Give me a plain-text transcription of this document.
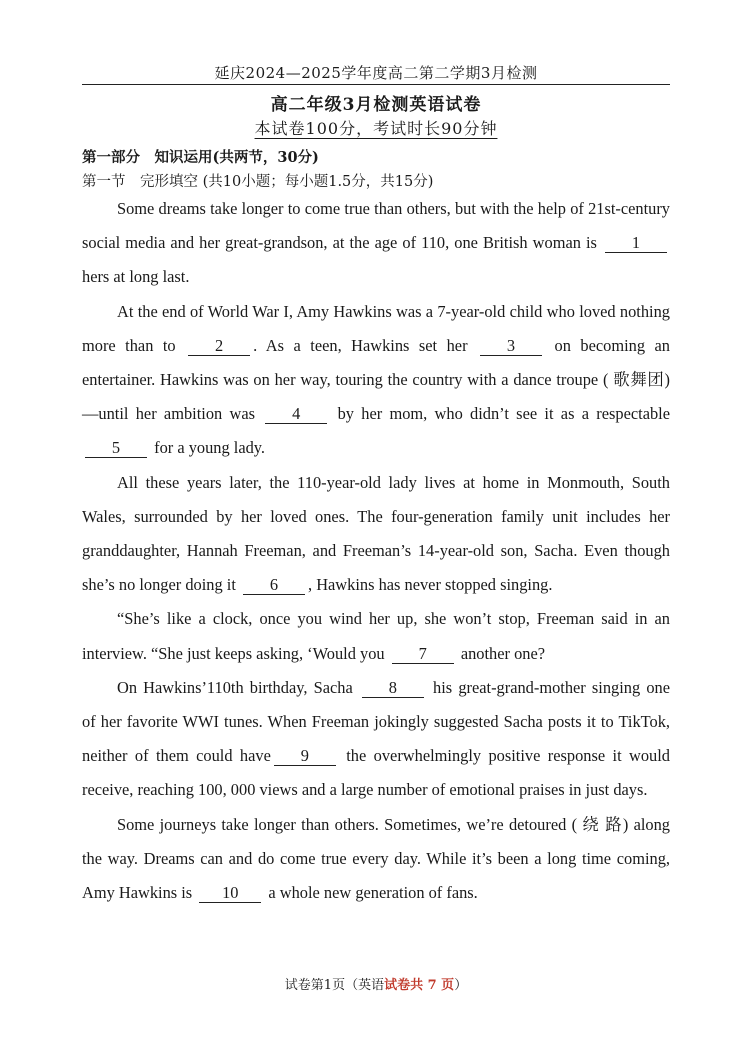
延庆2024—2025学年度高二第二学期3月检测
高二年级3月检测英语试卷
本试卷100分，考试时长90分钟
第一部分　知识运用(共两节，30分)
第一节　完形填空 (共10小题；每小题1.5分，共15分)

Some dreams take longer to come true than others, but with the help of 21st-century social media and her great-grandson, at the age of 110, one British woman is 1 hers at long last.

At the end of World War I, Amy Hawkins was a 7-year-old child who loved nothing more than to 2 . As a teen, Hawkins set her 3 on becoming an entertainer. Hawkins was on her way, touring the country with a dance troupe ( 歌舞团) —until her ambition was 4 by her mom, who didn’t see it as a respectable 5 for a young lady.

All these years later, the 110-year-old lady lives at home in Monmouth, South Wales, surrounded by her loved ones. The four-generation family unit includes her granddaughter, Hannah Freeman, and Freeman’s 14-year-old son, Sacha. Even though she’s no longer doing it 6 , Hawkins has never stopped singing.

“She’s like a clock, once you wind her up, she won’t stop, Freeman said in an interview. “She just keeps asking, ‘Would you 7 another one?

On Hawkins’110th birthday, Sacha 8 his great-grand-mother singing one of her favorite WWI tunes. When Freeman jokingly suggested Sacha posts it to TikTok, neither of them could have 9 the overwhelmingly positive response it would receive, reaching 100, 000 views and a large number of emotional praises in just days.

Some journeys take longer than others. Sometimes, we’re detoured ( 绕 路) along the way. Dreams can and do come true every day. While it’s been a long time coming, Amy Hawkins is 10 a whole new generation of fans.

试卷第1页（英语试卷共 7 页）
